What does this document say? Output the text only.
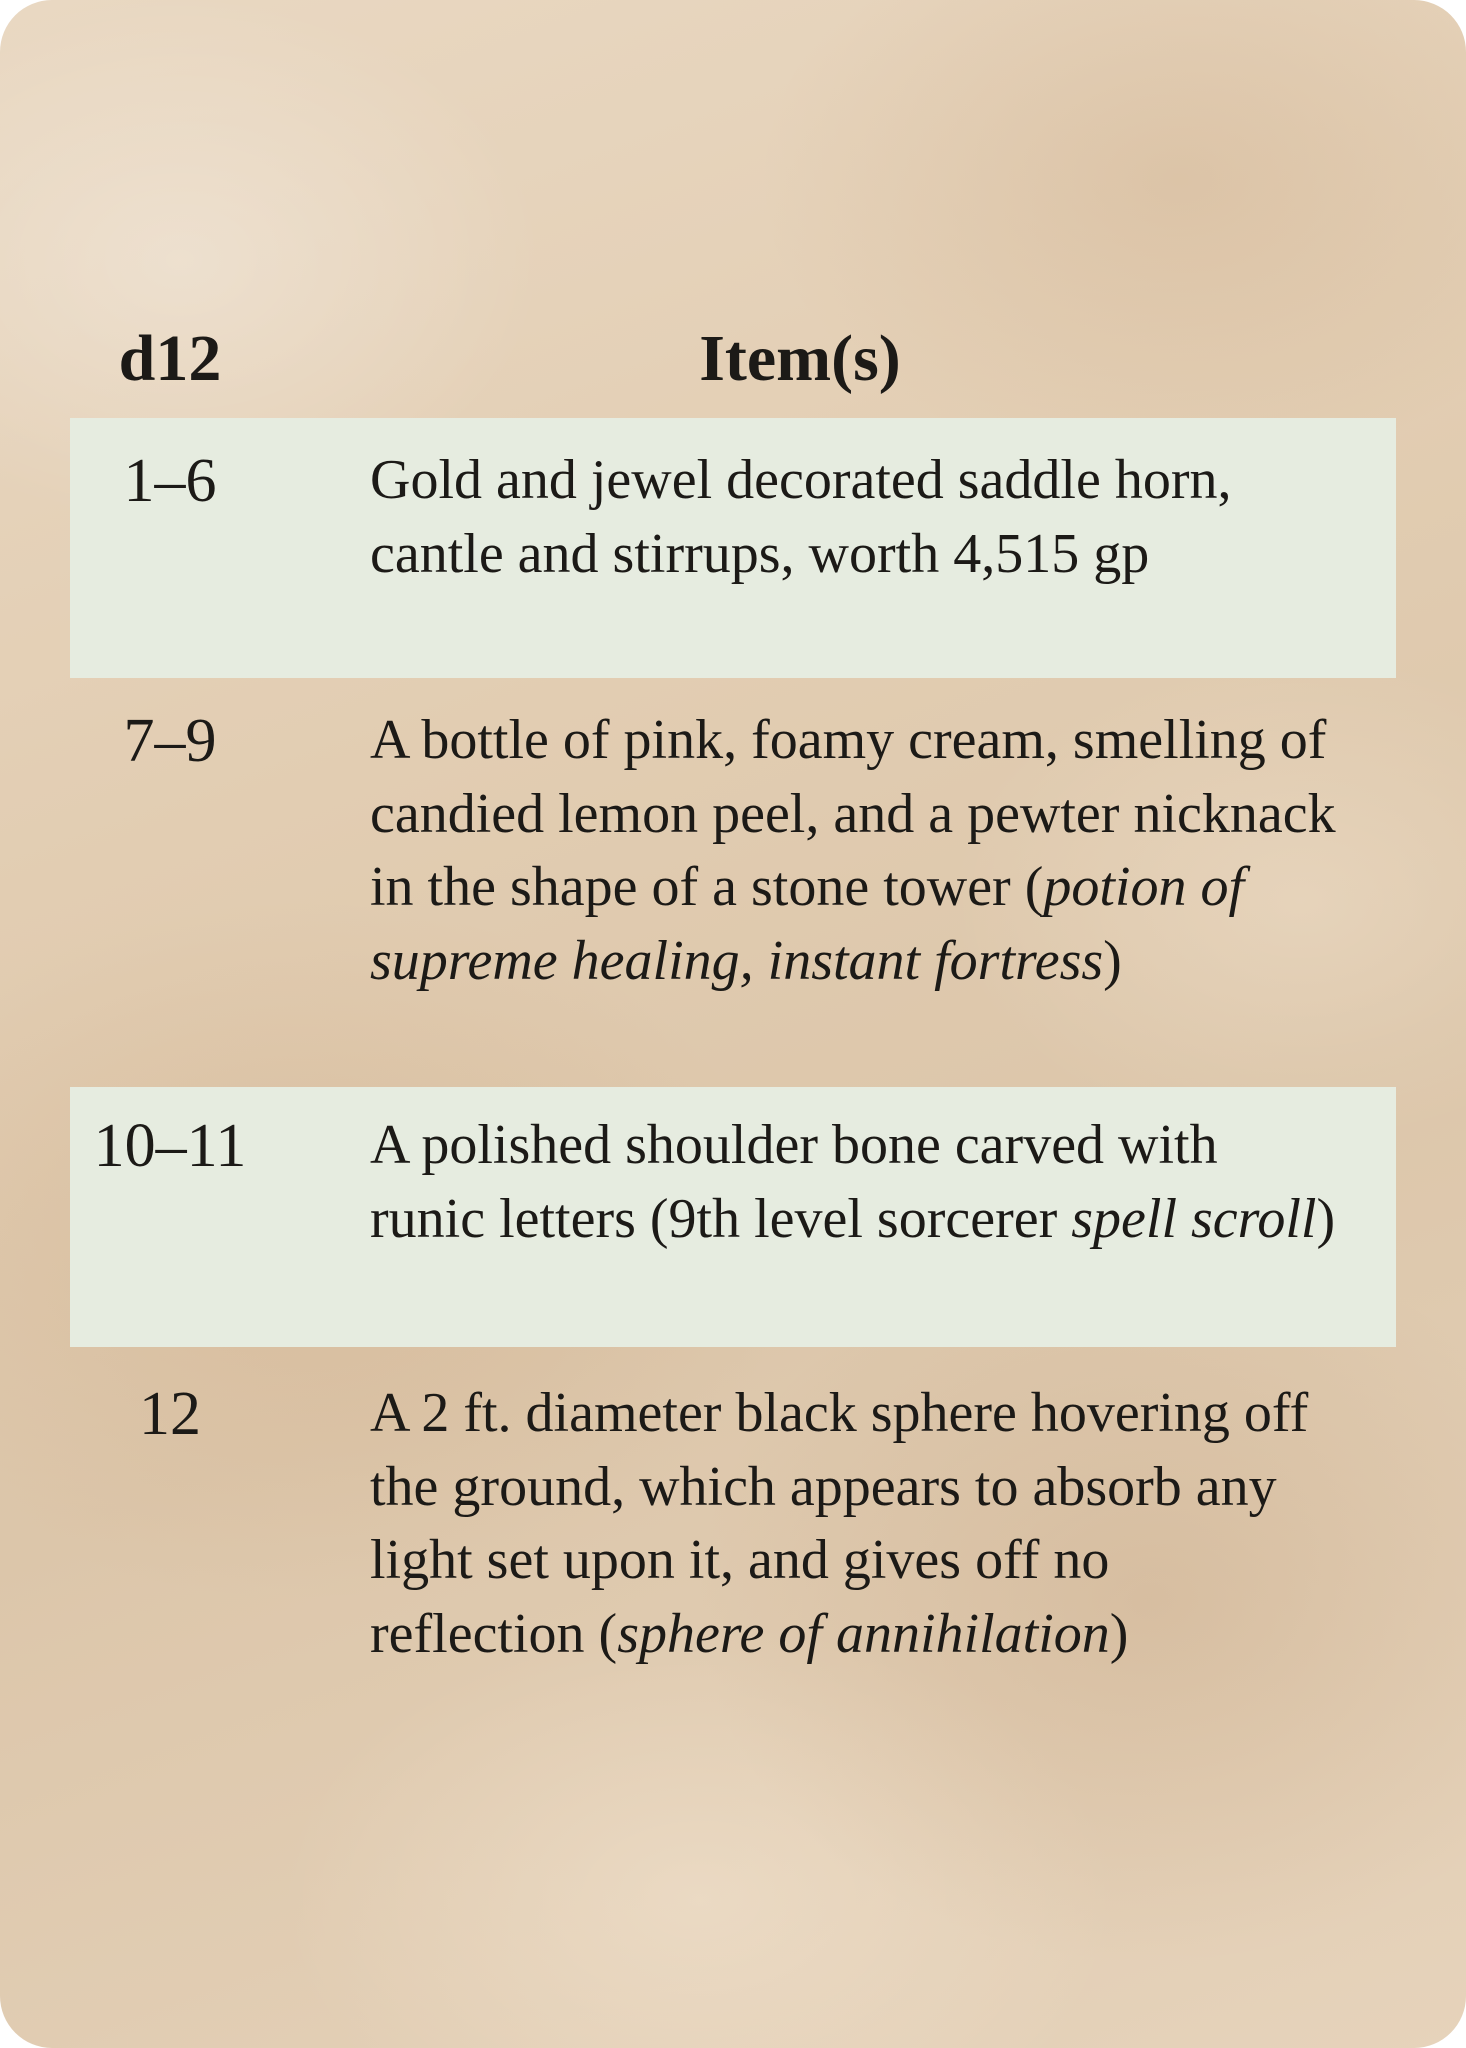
d12	Item(s)
1–6	Gold and jewel decorated saddle horn, cantle and stirrups, worth 4,515 gp
7–9	A bottle of pink, foamy cream, smelling of candied lemon peel, and a pewter nicknack in the shape of a stone tower (potion of supreme healing, instant fortress)
10–11	A polished shoulder bone carved with runic letters (9th level sorcerer spell scroll)
12	A 2 ft. diameter black sphere hovering off the ground, which appears to absorb any light set upon it, and gives off no reflection (sphere of annihilation)
